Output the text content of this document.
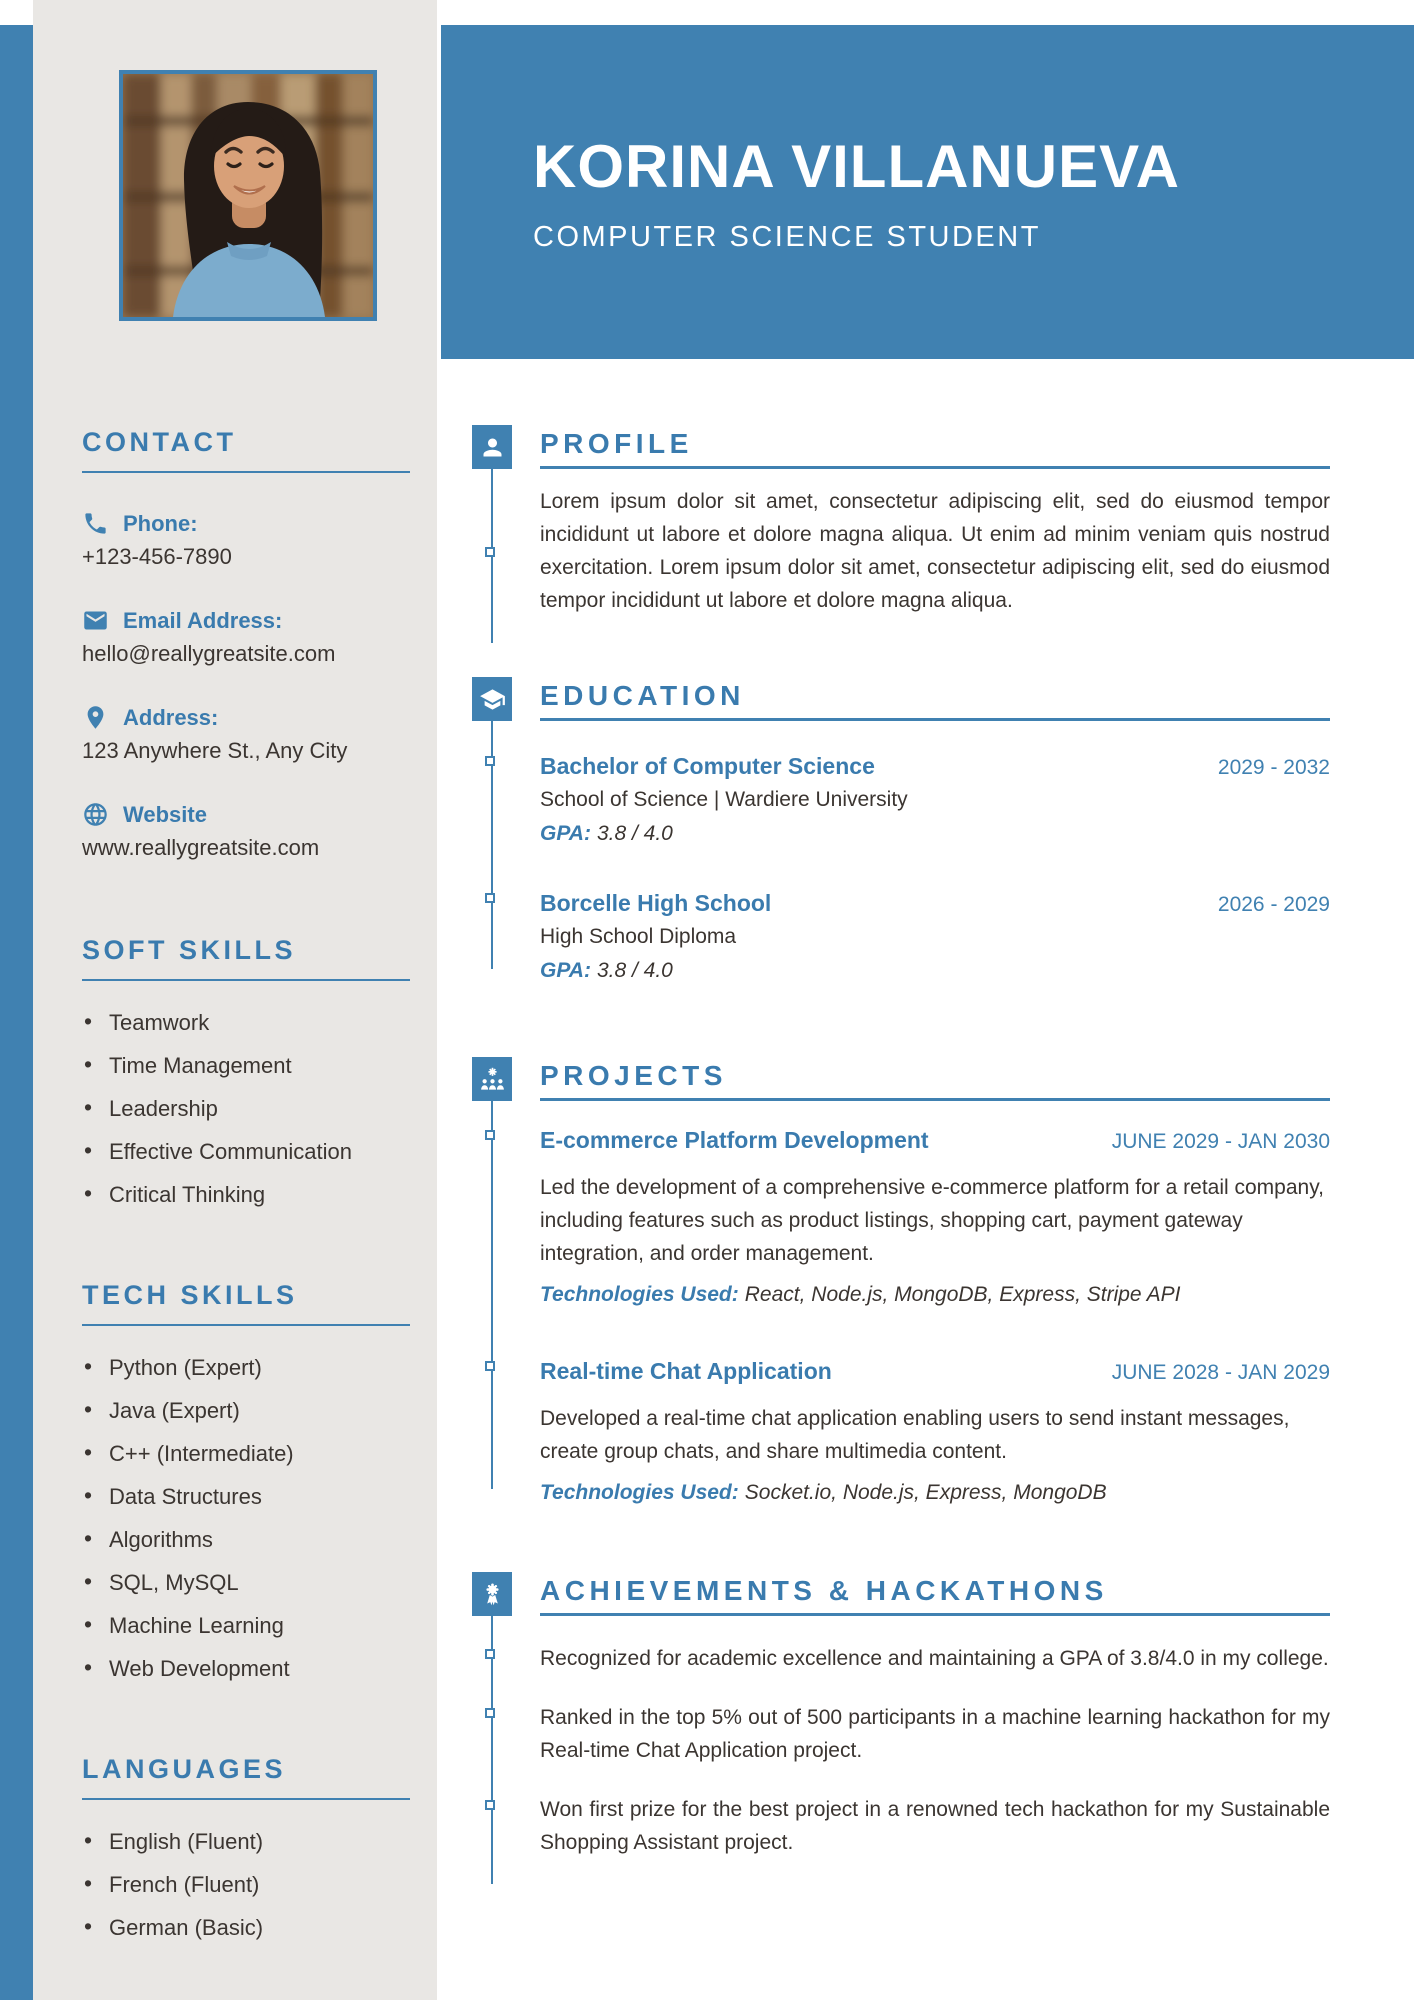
CONTACT
Phone:
+123-456-7890
Email Address:
hello@reallygreatsite.com
Address:
123 Anywhere St., Any City
Website
www.reallygreatsite.com
SOFT SKILLS
• Teamwork
• Time Management
• Leadership
• Effective Communication
• Critical Thinking
TECH SKILLS
• Python (Expert)
• Java (Expert)
• C++ (Intermediate)
• Data Structures
• Algorithms
• SQL, MySQL
• Machine Learning
• Web Development
LANGUAGES
• English (Fluent)
• French (Fluent)
• German (Basic)
KORINA VILLANUEVA
COMPUTER SCIENCE STUDENT
PROFILE

Lorem ipsum dolor sit amet, consectetur adipiscing elit, sed do eiusmod tempor incididunt ut labore et dolore magna aliqua. Ut enim ad minim veniam quis nostrud exercitation. Lorem ipsum dolor sit amet, consectetur adipiscing elit, sed do eiusmod tempor incididunt ut labore et dolore magna aliqua.

EDUCATION
Bachelor of Computer Science	2029 - 2032
School of Science | Wardiere University
GPA: 3.8 / 4.0
Borcelle High School	2026 - 2029
High School Diploma
GPA: 3.8 / 4.0
PROJECTS
E-commerce Platform Development	JUNE 2029 - JAN 2030

Led the development of a comprehensive e-commerce platform for a retail company, including features such as product listings, shopping cart, payment gateway integration, and order management.

Technologies Used: React, Node.js, MongoDB, Express, Stripe API
Real-time Chat Application	JUNE 2028 - JAN 2029

Developed a real-time chat application enabling users to send instant messages, create group chats, and share multimedia content.

Technologies Used: Socket.io, Node.js, Express, MongoDB
ACHIEVEMENTS & HACKATHONS

Recognized for academic excellence and maintaining a GPA of 3.8/4.0 in my college.

Ranked in the top 5% out of 500 participants in a machine learning hackathon for my Real-time Chat Application project.

Won first prize for the best project in a renowned tech hackathon for my Sustainable Shopping Assistant project.
